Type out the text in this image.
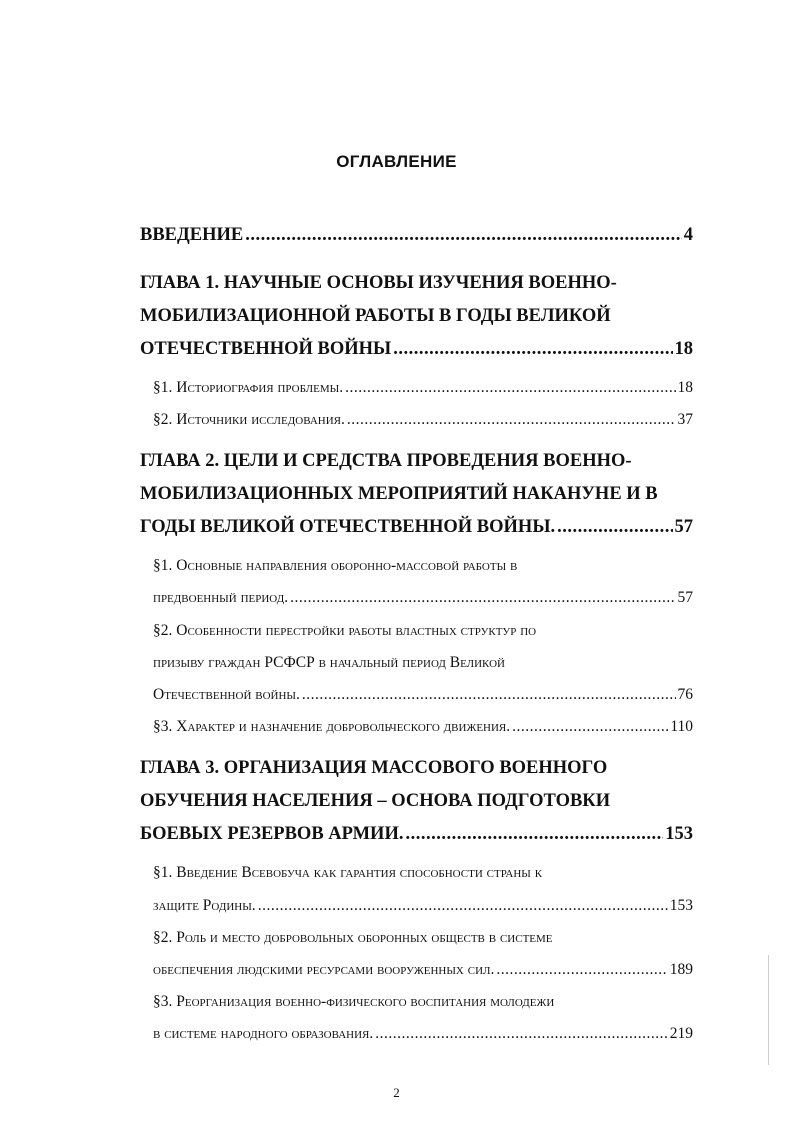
ОГЛАВЛЕНИЕ
ВВЕДЕНИЕ .....	4
ГЛАВА 1. НАУЧНЫЕ ОСНОВЫ ИЗУЧЕНИЯ ВОЕННО-
МОБИЛИЗАЦИОННОЙ РАБОТЫ В ГОДЫ ВЕЛИКОЙ
ОТЕЧЕСТВЕННОЙ ВОЙНЫ .....	18
§1. Историография проблемы. .....	18
§2. Источники исследования. .....	37
ГЛАВА 2. ЦЕЛИ И СРЕДСТВА ПРОВЕДЕНИЯ ВОЕННО-
МОБИЛИЗАЦИОННЫХ МЕРОПРИЯТИЙ НАКАНУНЕ И В
ГОДЫ ВЕЛИКОЙ ОТЕЧЕСТВЕННОЙ ВОЙНЫ. .....	57
§1. Основные направления оборонно-массовой работы в
предвоенный период. .....	57
§2. Особенности перестройки работы властных структур по
призыву граждан РСФСР в начальный период Великой
Отечественной войны. .....	76
§3. Характер и назначение добровольческого движения. .....	110
ГЛАВА 3. ОРГАНИЗАЦИЯ МАССОВОГО ВОЕННОГО
ОБУЧЕНИЯ НАСЕЛЕНИЯ – ОСНОВА ПОДГОТОВКИ
БОЕВЫХ РЕЗЕРВОВ АРМИИ. .....	153
§1. Введение Всевобуча как гарантия способности страны к
защите Родины. .....	153
§2. Роль и место добровольных оборонных обществ в системе
обеспечения людскими ресурсами вооруженных сил. .....	189
§3. Реорганизация военно-физического воспитания молодежи
в системе народного образования. .....	219
2
